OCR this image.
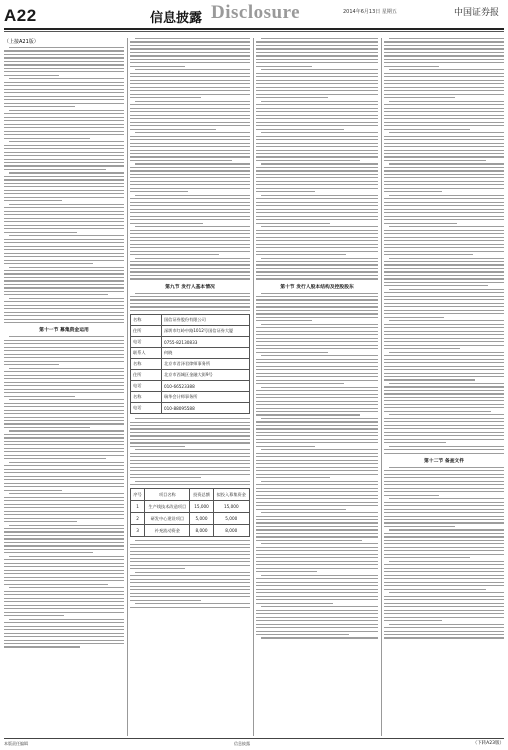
A22	信息披露 Disclosure	2014年6月13日 星期五	中国证券报
（上接A21版）
第十一节 募集资金运用
第九节 发行人基本情况
名称	国信证券股份有限公司
住所	深圳市红岭中路1012号国信证券大厦
电话	0755-82130833
联系人	何晓
名称	北京市君泽君律师事务所
住所	北京市西城区金融大街9号
电话	010-66523388
名称	瑞华会计师事务所
电话	010-88095588
序号	项目名称	投资总额	拟投入募集资金
1	生产线技术改造项目	15,000	15,000
2	研发中心建设项目	5,000	5,000
3	补充流动资金	8,000	8,000
第十节 发行人股本结构及控股股东
第十二节 备查文件
本版责任编辑	信息披露	（下转A23版）
